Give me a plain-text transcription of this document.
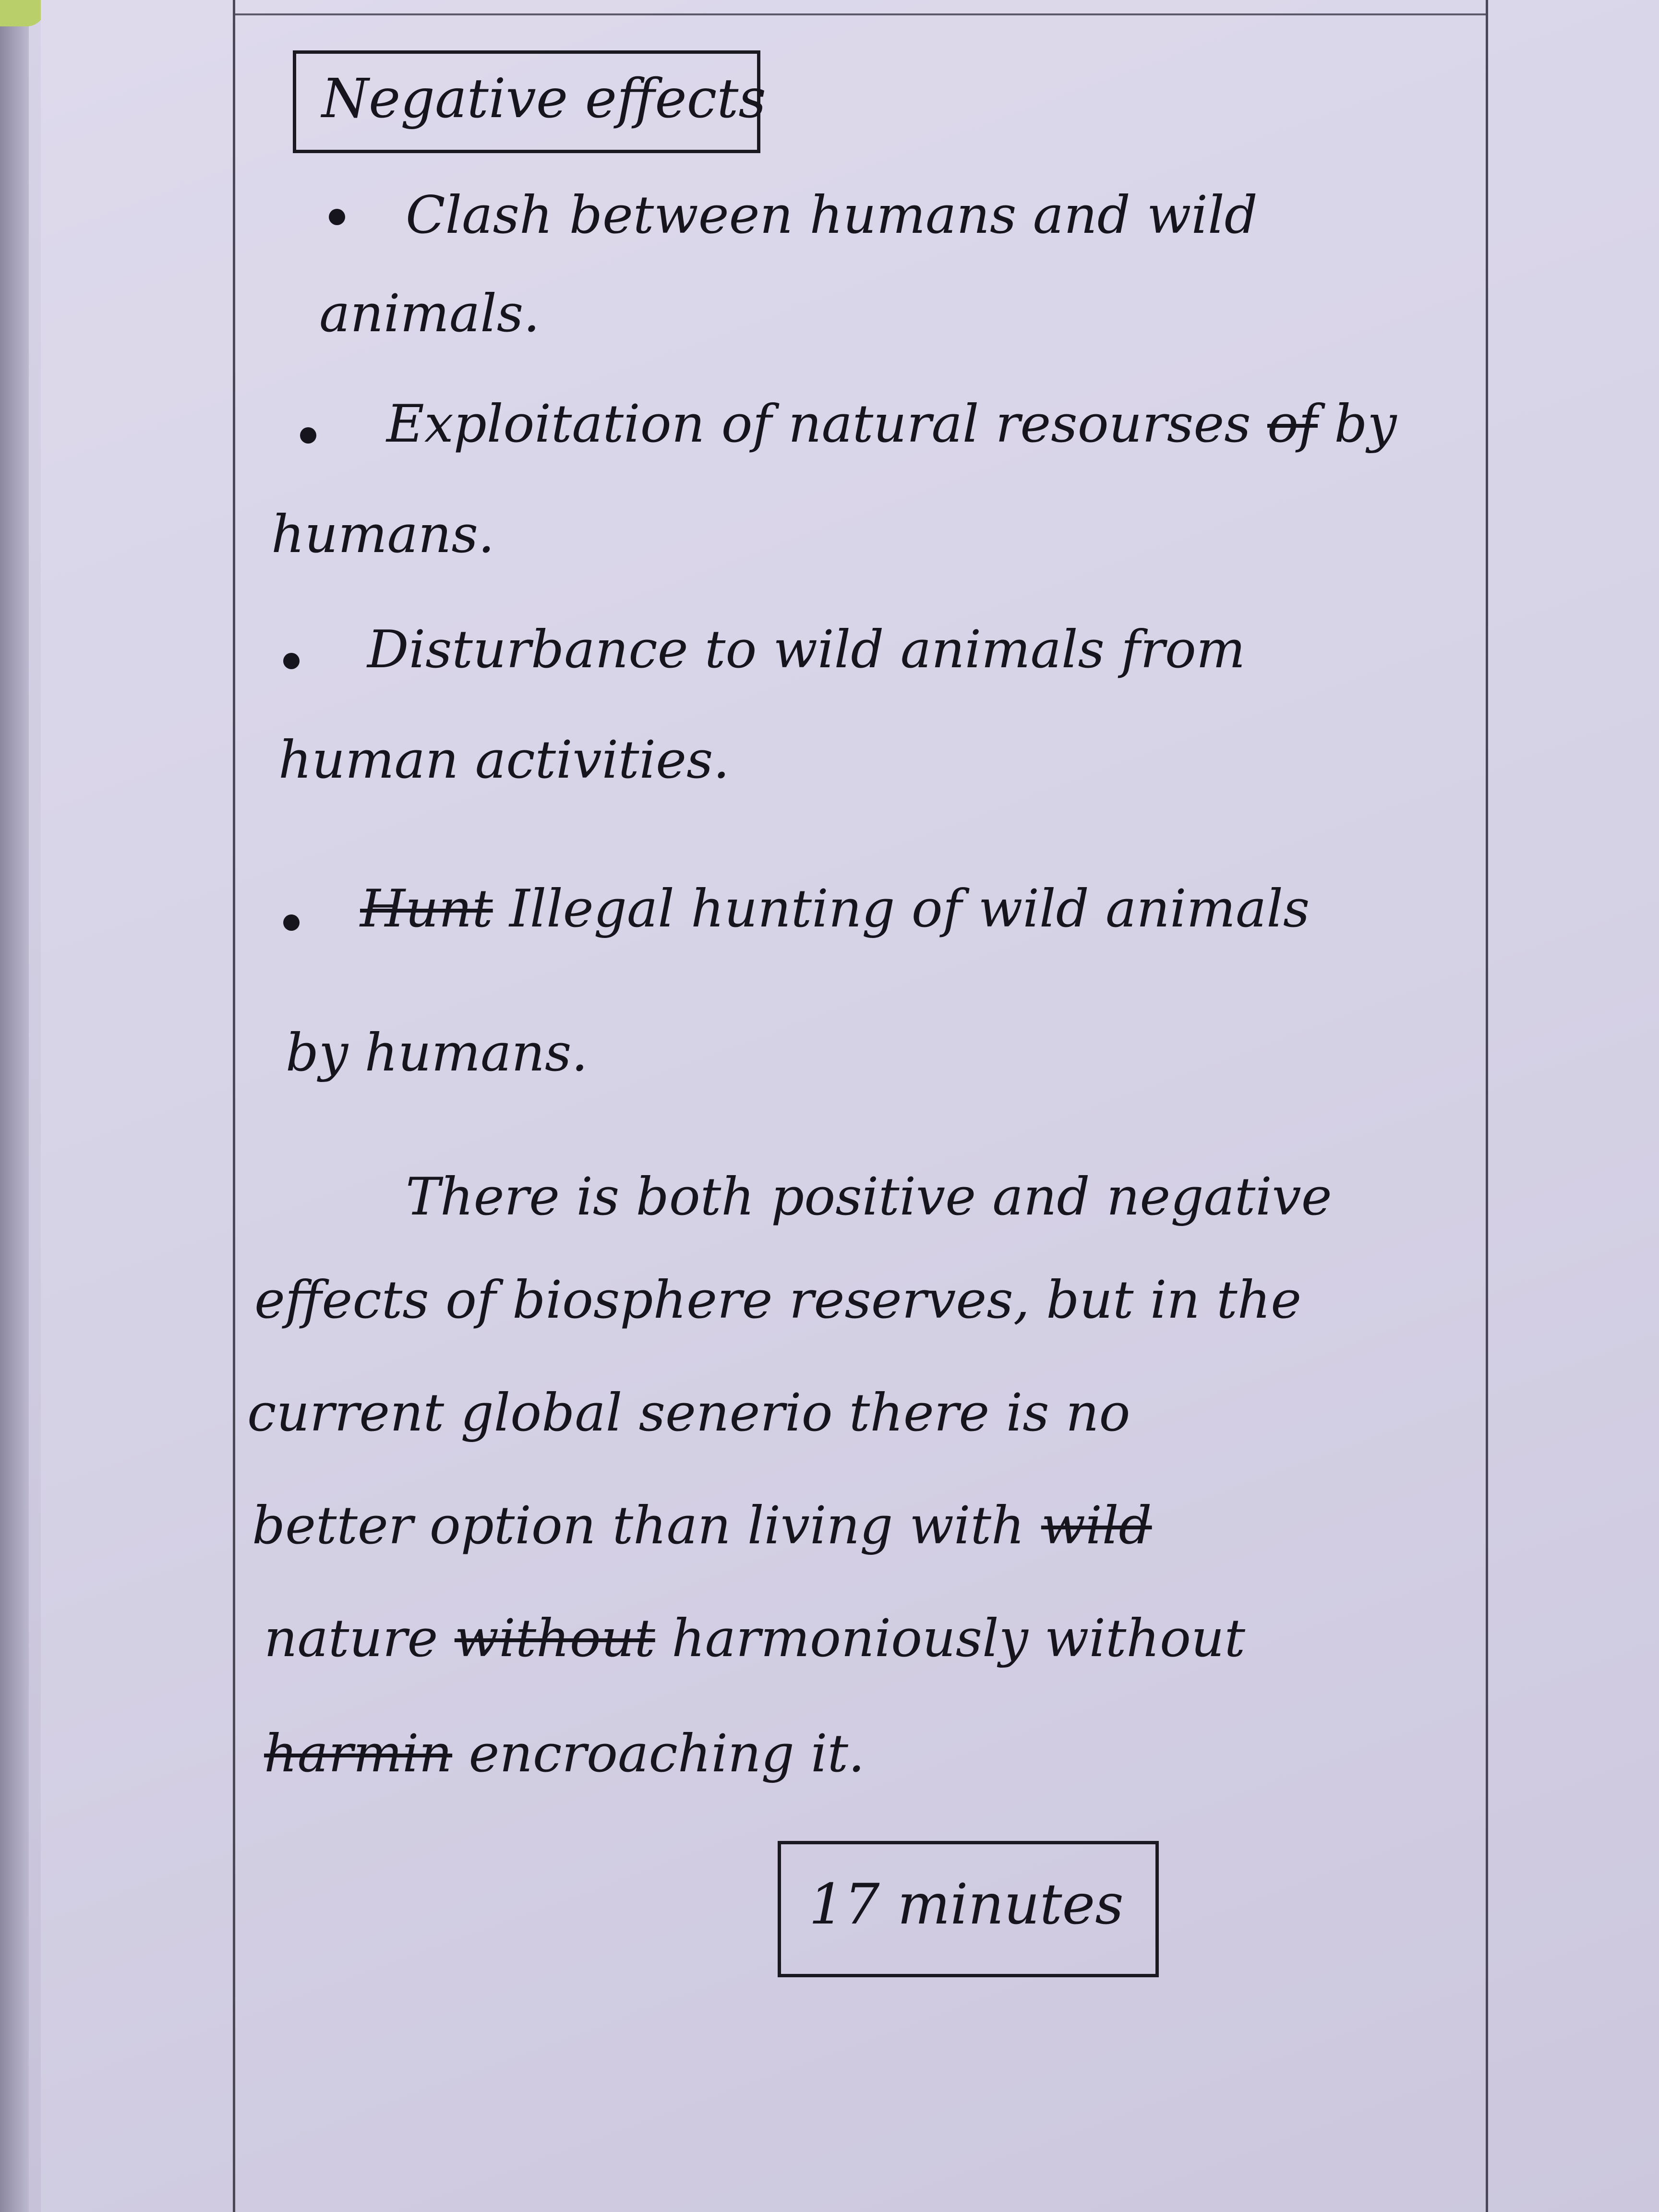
Negative effects
Clash between humans and wild
animals.
Exploitation of natural resourses of by
humans.
Disturbance to wild animals from
human activities.
Hunt Illegal hunting of wild animals
by humans.
There is both positive and negative
effects of biosphere reserves, but in the
current global senerio there is no
better option than living with wild
nature without harmoniously without
harmin encroaching it.
17 minutes
